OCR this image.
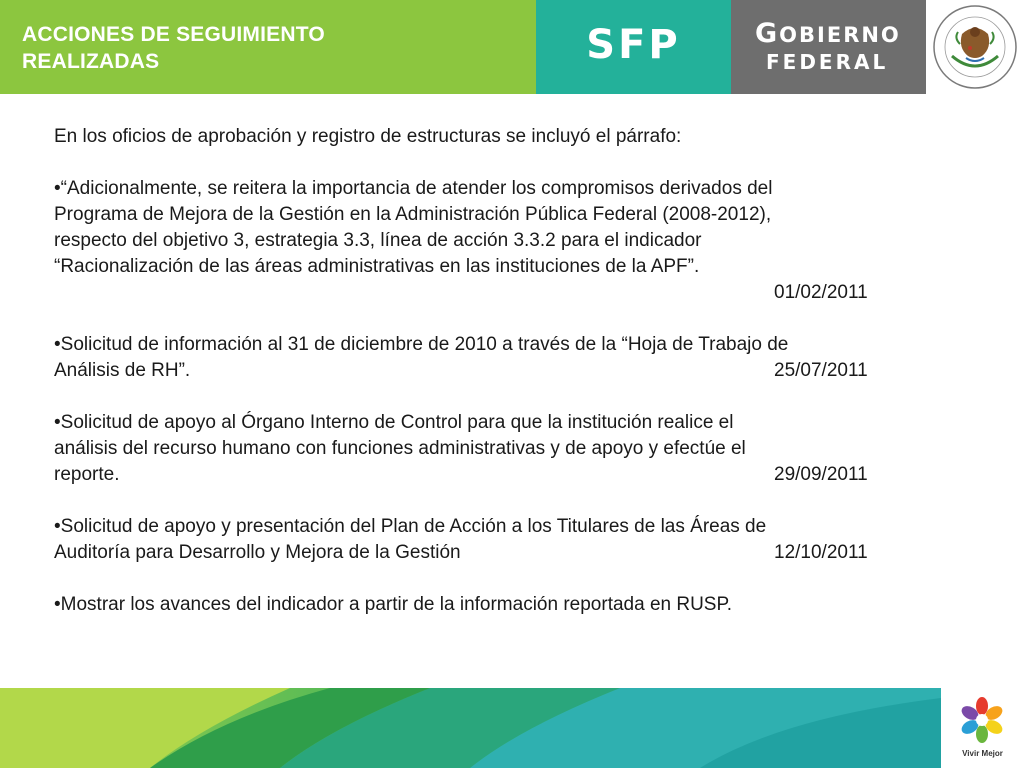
ACCIONES DE SEGUIMIENTO
REALIZADAS	SFP	GOBIERNO
FEDERAL

En los oficios de aprobación y registro de estructuras se incluyó el párrafo:

•“Adicionalmente, se reitera la importancia de atender los compromisos derivados del
Programa de Mejora de la Gestión en la Administración Pública Federal (2008-2012),
respecto del objetivo 3, estrategia 3.3, línea de acción 3.3.2 para el indicador
“Racionalización de las áreas administrativas en las instituciones de la APF”.
01/02/2011
•Solicitud de información al 31 de diciembre de 2010 a través de la “Hoja de Trabajo de
Análisis de RH”.	25/07/2011
•Solicitud de apoyo al Órgano Interno de Control para que la institución realice el
análisis del recurso humano con funciones administrativas y de apoyo y efectúe el
reporte.	29/09/2011
•Solicitud de apoyo y presentación del Plan de Acción a los Titulares de las Áreas de
Auditoría para Desarrollo y Mejora de la Gestión	12/10/2011
•Mostrar los avances del indicador a partir de la información reportada en RUSP.
Vivir Mejor
